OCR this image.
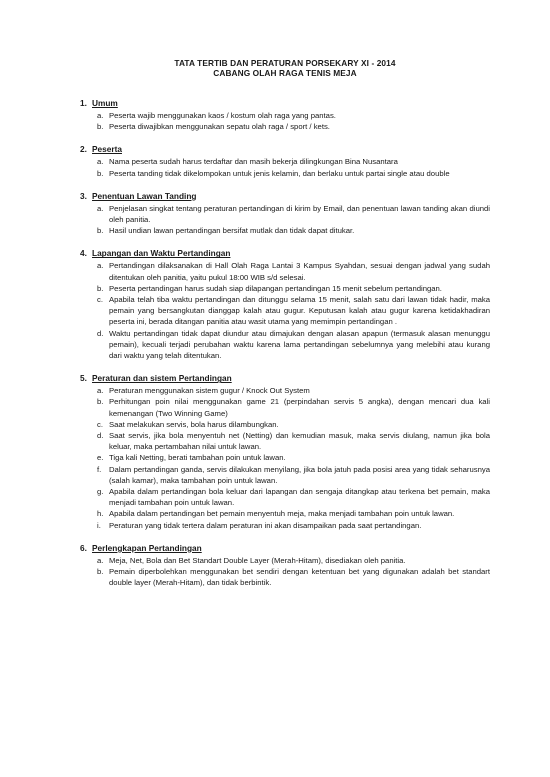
TATA TERTIB DAN PERATURAN PORSEKARY XI - 2014
CABANG OLAH RAGA TENIS MEJA
1. Umum
a. Peserta wajib menggunakan kaos / kostum olah raga yang pantas.
b. Peserta diwajibkan menggunakan sepatu olah raga / sport / kets.
2. Peserta
a. Nama peserta sudah harus terdaftar dan masih bekerja dilingkungan Bina Nusantara
b. Peserta tanding tidak dikelompokan untuk jenis kelamin, dan berlaku untuk partai single atau double
3. Penentuan Lawan Tanding
a. Penjelasan singkat tentang peraturan pertandingan di kirim by Email, dan penentuan lawan tanding akan diundi oleh panitia.
b. Hasil undian lawan pertandingan bersifat mutlak dan tidak dapat ditukar.
4. Lapangan dan Waktu Pertandingan
a. Pertandingan dilaksanakan di Hall Olah Raga Lantai 3 Kampus Syahdan, sesuai dengan jadwal yang sudah ditentukan oleh panitia, yaitu pukul 18:00 WIB s/d selesai.
b. Peserta pertandingan harus sudah siap dilapangan pertandingan 15 menit sebelum pertandingan.
c. Apabila telah tiba waktu pertandingan dan ditunggu selama 15 menit, salah satu dari lawan tidak hadir, maka pemain yang bersangkutan dianggap kalah atau gugur. Keputusan kalah atau gugur karena ketidakhadiran peserta ini, berada ditangan panitia atau wasit utama yang memimpin pertandingan .
d. Waktu pertandingan tidak dapat diundur atau dimajukan dengan alasan apapun (termasuk alasan menunggu pemain), kecuali terjadi perubahan waktu karena lama pertandingan sebelumnya yang melebihi atau kurang dari waktu yang telah ditentukan.
5. Peraturan dan sistem Pertandingan
a. Peraturan menggunakan sistem gugur / Knock Out System
b. Perhitungan poin nilai menggunakan game 21 (perpindahan servis 5 angka), dengan mencari dua kali kemenangan (Two Winning Game)
c. Saat melakukan servis, bola harus dilambungkan.
d. Saat servis, jika bola menyentuh net (Netting) dan kemudian masuk, maka servis diulang, namun jika bola keluar, maka pertambahan nilai untuk lawan.
e. Tiga kali Netting, berati tambahan poin untuk lawan.
f.	Dalam pertandingan ganda, servis dilakukan menyilang, jika bola jatuh pada posisi area yang tidak seharusnya (salah kamar), maka tambahan poin untuk lawan.
g. Apabila dalam pertandingan bola keluar dari lapangan dan sengaja ditangkap atau terkena bet pemain, maka menjadi tambahan poin untuk lawan.
h. Apabila dalam pertandingan bet pemain menyentuh meja, maka menjadi tambahan poin untuk lawan.
i.	Peraturan yang tidak tertera dalam peraturan ini akan disampaikan pada saat pertandingan.
6. Perlengkapan Pertandingan
a. Meja, Net, Bola dan Bet Standart Double Layer (Merah-Hitam), disediakan oleh panitia.
b. Pemain diperbolehkan menggunakan bet sendiri dengan ketentuan bet yang digunakan adalah bet standart double layer (Merah-Hitam), dan tidak berbintik.
